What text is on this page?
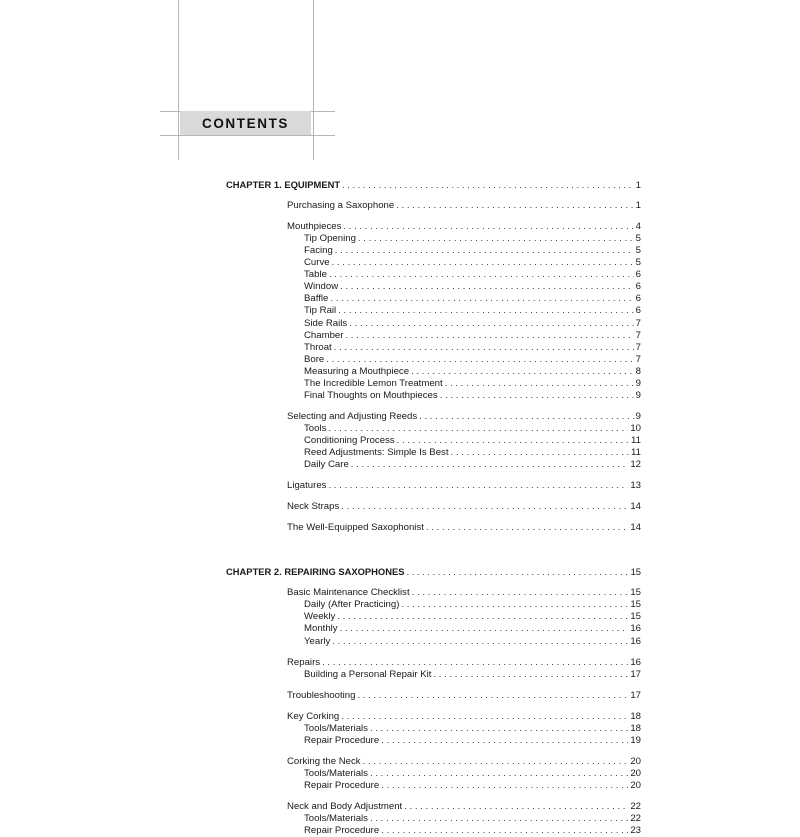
CONTENTS
CHAPTER 1. EQUIPMENT . . .	1
Purchasing a Saxophone . . .	1
Mouthpieces . . .	4
Tip Opening . . .	5
Facing . . .	5
Curve . . .	5
Table . . .	6
Window . . .	6
Baffle . . .	6
Tip Rail . . .	6
Side Rails . . .	7
Chamber . . .	7
Throat . . .	7
Bore . . .	7
Measuring a Mouthpiece . . .	8
The Incredible Lemon Treatment . . .	9
Final Thoughts on Mouthpieces . . .	9
Selecting and Adjusting Reeds . . .	9
Tools . . .	10
Conditioning Process . . .	11
Reed Adjustments: Simple Is Best . . .	11
Daily Care . . .	12
Ligatures . . .	13
Neck Straps . . .	14
The Well-Equipped Saxophonist . . .	14
CHAPTER 2. REPAIRING SAXOPHONES . . .	15
Basic Maintenance Checklist . . .	15
Daily (After Practicing) . . .	15
Weekly . . .	15
Monthly . . .	16
Yearly . . .	16
Repairs . . .	16
Building a Personal Repair Kit . . .	17
Troubleshooting . . .	17
Key Corking . . .	18
Tools/Materials . . .	18
Repair Procedure . . .	19
Corking the Neck . . .	20
Tools/Materials . . .	20
Repair Procedure . . .	20
Neck and Body Adjustment . . .	22
Tools/Materials . . .	22
Repair Procedure . . .	23
